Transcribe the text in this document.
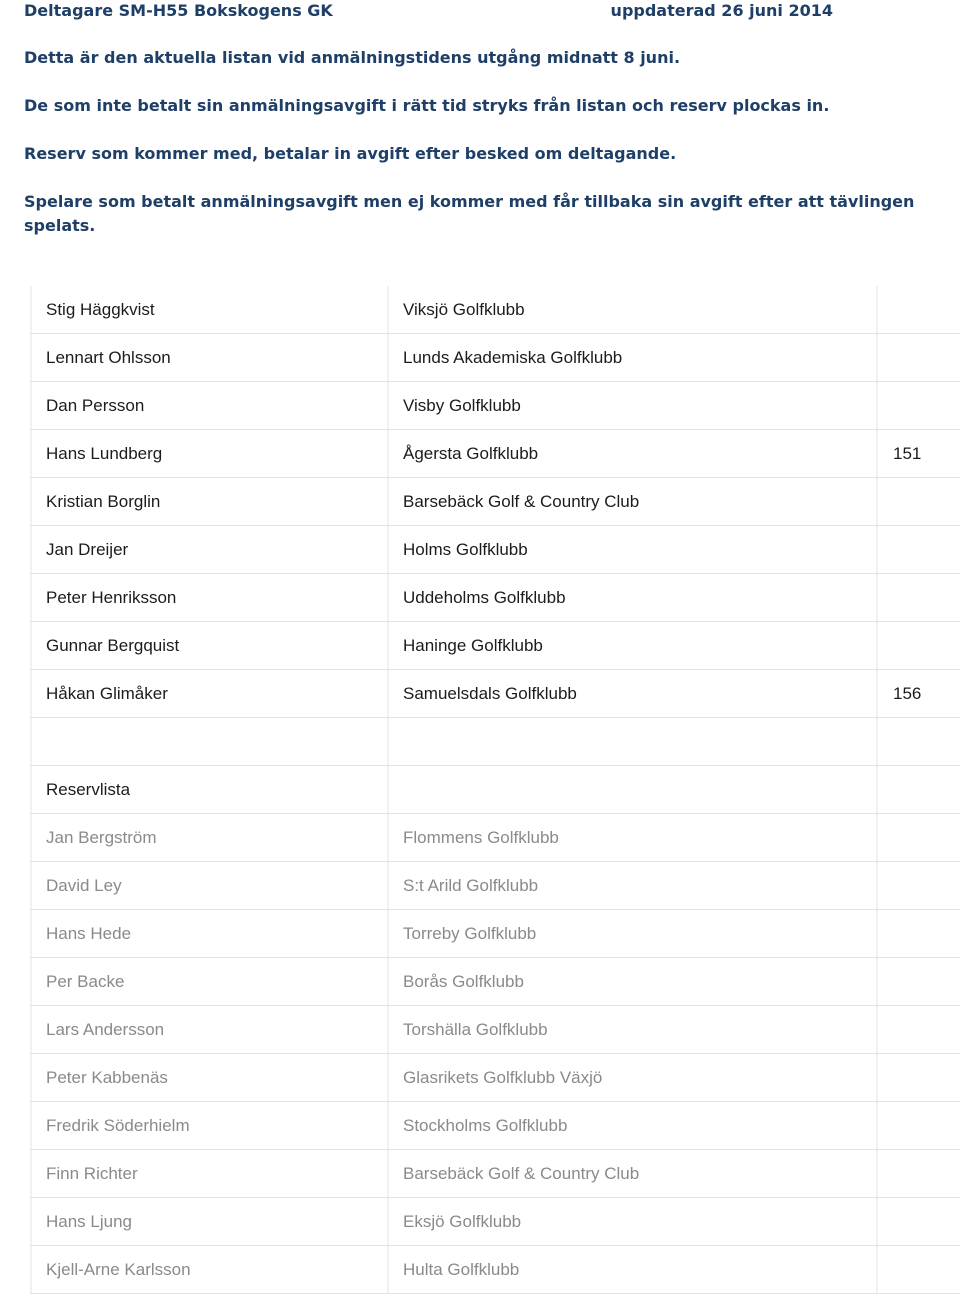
Deltagare SM-H55 Bokskogens GK	uppdaterad 26 juni 2014
Detta är den aktuella listan vid anmälningstidens utgång midnatt 8 juni.
De som inte betalt sin anmälningsavgift i rätt tid stryks från listan och reserv plockas in.
Reserv som kommer med, betalar in avgift efter besked om deltagande.
Spelare som betalt anmälningsavgift men ej kommer med får tillbaka sin avgift efter att tävlingen
spelats.
Stig Häggkvist	Viksjö Golfklubb
Lennart Ohlsson	Lunds Akademiska Golfklubb
Dan Persson	Visby Golfklubb
Hans Lundberg	Ågersta Golfklubb	151
Kristian Borglin	Barsebäck Golf & Country Club
Jan Dreijer	Holms Golfklubb
Peter Henriksson	Uddeholms Golfklubb
Gunnar Bergquist	Haninge Golfklubb
Håkan Glimåker	Samuelsdals Golfklubb	156
Reservlista
Jan Bergström	Flommens Golfklubb
David Ley	S:t Arild Golfklubb
Hans Hede	Torreby Golfklubb
Per Backe	Borås Golfklubb
Lars Andersson	Torshälla Golfklubb
Peter Kabbenäs	Glasrikets Golfklubb Växjö
Fredrik Söderhielm	Stockholms Golfklubb
Finn Richter	Barsebäck Golf & Country Club
Hans Ljung	Eksjö Golfklubb
Kjell-Arne Karlsson	Hulta Golfklubb
